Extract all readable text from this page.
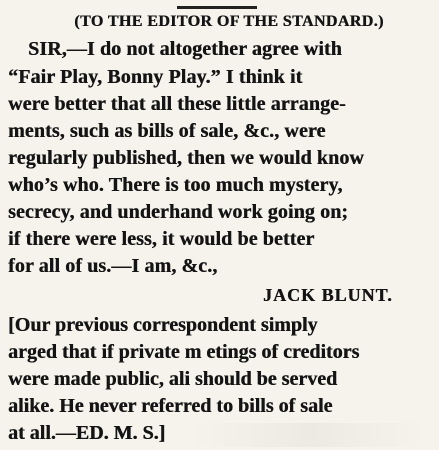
(TO THE EDITOR OF THE STANDARD.)
SIR,—I do not altogether agree with
“Fair Play, Bonny Play.” I think it
were better that all these little arrange-
ments, such as bills of sale, &c., were
regularly published, then we would know
who’s who. There is too much mystery,
secrecy, and underhand work going on;
if there were less, it would be better
for all of us.—I am, &c.,
JACK BLUNT.
[Our previous correspondent simply
arged that if private m etings of creditors
were made public, ali should be served
alike. He never referred to bills of sale
at all.—ED. M. S.]
